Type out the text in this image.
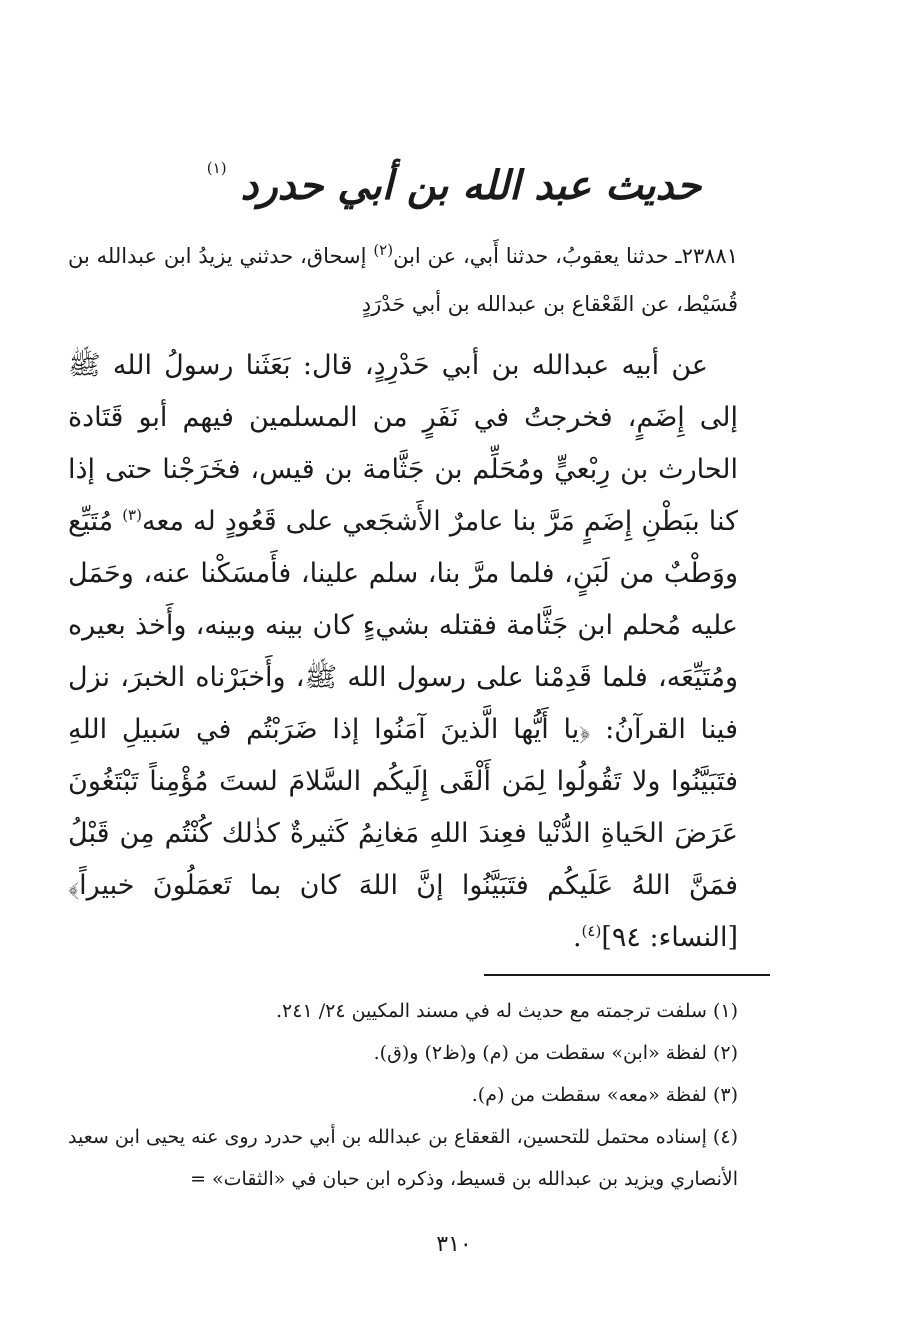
حديث عبد الله بن أبي حدرد $^{(١)}$
٢٣٨٨١ـ حدثنا يعقوبُ، حدثنا أَبي، عن ابن$^{(٢)}$ إسحاق، حدثني يزيدُ ابن عبدالله بن قُسَيْط، عن القَعْقاع بن عبدالله بن أبي حَدْرَدٍ

عن أبيه عبدالله بن أبي حَدْرِدٍ، قال: بَعَثَنا رسولُ الله ﷺ إلى إِضَمٍ، فخرجتُ في نَفَرٍ من المسلمين فيهم أبو قَتَادة الحارث بن رِبْعيٍّ ومُحَلِّم بن جَثَّامة بن قيس، فخَرَجْنا حتى إذا كنا ببَطْنِ إِضَمٍ مَرَّ بنا عامرٌ الأَشجَعي على قَعُودٍ له معه$^{(٣)}$ مُتَيِّع ووَطْبٌ من لَبَنٍ، فلما مرَّ بنا، سلم علينا، فأَمسَكْنا عنه، وحَمَل عليه مُحلم ابن جَثَّامة فقتله بشيءٍ كان بينه وبينه، وأَخذ بعيره ومُتَيِّعَه، فلما قَدِمْنا على رسول الله ﷺ، وأَخبَرْناه الخبرَ، نزل فينا القرآنُ: ﴿يا أَيُّها الَّذينَ آمَنُوا إذا ضَرَبْتُم في سَبيلِ اللهِ فتَبَيَّنُوا ولا تَقُولُوا لِمَن أَلْقَى إِلَيكُم السَّلامَ لستَ مُؤْمِناً تَبْتَغُونَ عَرَضَ الحَياةِ الدُّنْيا فعِندَ اللهِ مَغانِمُ كَثيرةٌ كذٰلك كُنْتُم مِن قَبْلُ فمَنَّ اللهُ عَلَيكُم فتَبَيَّنُوا إنَّ اللهَ كان بما تَعمَلُونَ خبيراً﴾ [النساء: ٩٤]$^{(٤)}$.

(١) سلفت ترجمته مع حديث له في مسند المكيين ٢٤/ ٢٤١.

(٢) لفظة «ابن» سقطت من (م) و(ظ٢) و(ق).

(٣) لفظة «معه» سقطت من (م).

(٤) إسناده محتمل للتحسين، القعقاع بن عبدالله بن أبي حدرد روى عنه يحيى ابن سعيد الأنصاري ويزيد بن عبدالله بن قسيط، وذكره ابن حبان في «الثقات» =

٣١٠
